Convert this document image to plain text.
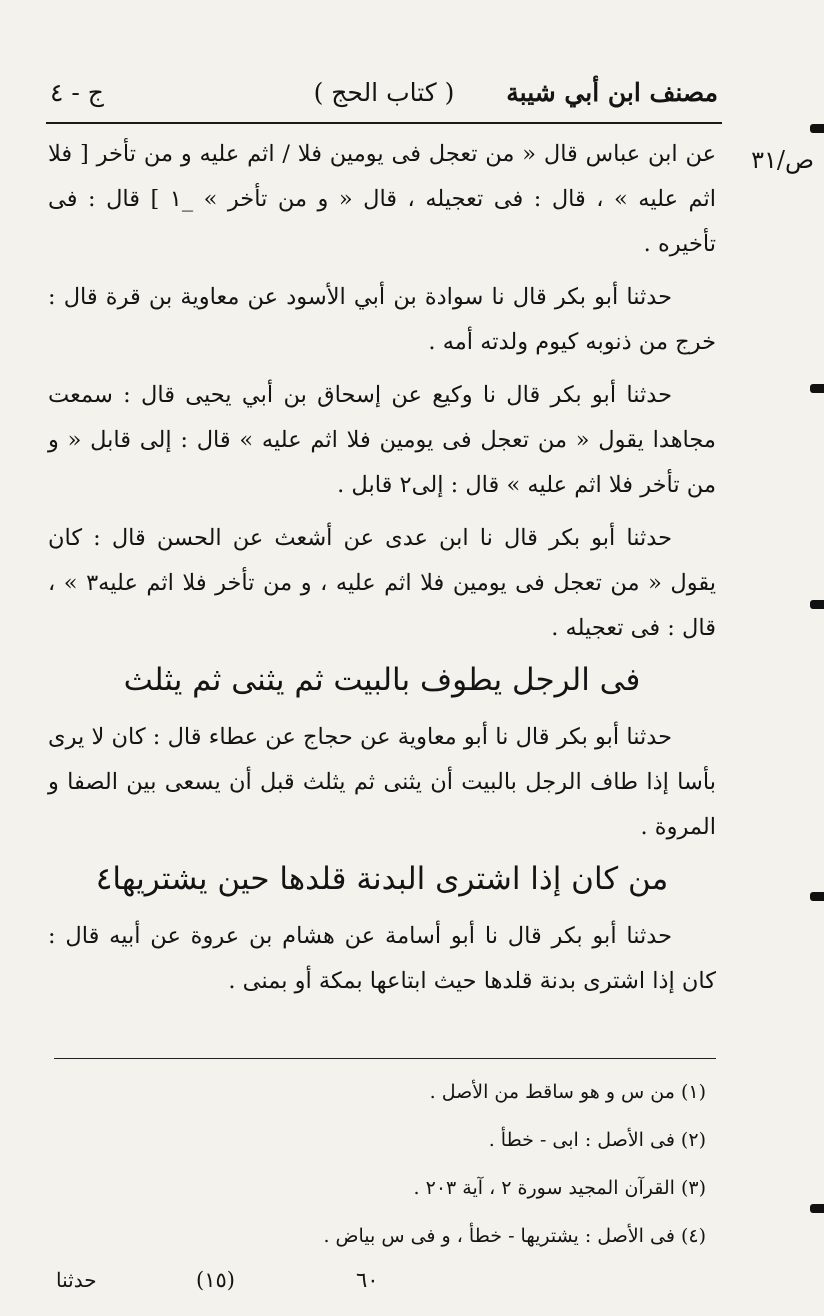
مصنف ابن أبي شيبة
( كتاب الحج )
ج - ٤
ص/٣١

عن ابن عباس قال « من تعجل فى يومين فلا / اثم عليه و من تأخر [ فلا اثم عليه » ، قال : فى تعجيله ، قال « و من تأخر » _١ ] قال : فى تأخيره .

حدثنا أبو بكر قال نا سوادة بن أبي الأسود عن معاوية بن قرة قال : خرج من ذنوبه كيوم ولدته أمه .

حدثنا أبو بكر قال نا وكيع عن إسحاق بن أبي يحيى قال : سمعت مجاهدا يقول « من تعجل فى يومين فلا اثم عليه » قال : إلى قابل « و من تأخر فلا اثم عليه » قال : إلى٢ قابل .

حدثنا أبو بكر قال نا ابن عدى عن أشعث عن الحسن قال : كان يقول « من تعجل فى يومين فلا اثم عليه ، و من تأخر فلا اثم عليه٣ » ، قال : فى تعجيله .

فى الرجل يطوف بالبيت ثم يثنى ثم يثلث

حدثنا أبو بكر قال نا أبو معاوية عن حجاج عن عطاء قال : كان لا يرى بأسا إذا طاف الرجل بالبيت أن يثنى ثم يثلث قبل أن يسعى بين الصفا و المروة .

من كان إذا اشترى البدنة قلدها حين يشتريها٤

حدثنا أبو بكر قال نا أبو أسامة عن هشام بن عروة عن أبيه قال : كان إذا اشترى بدنة قلدها حيث ابتاعها بمكة أو بمنى .

(١) من س و هو ساقط من الأصل .
(٢) فى الأصل : ابى - خطأ .
(٣) القرآن المجيد سورة ٢ ، آية ٢٠٣ .
(٤) فى الأصل : يشتريها - خطأ ، و فى س بياض .
٦٠
(١٥)
حدثنا
